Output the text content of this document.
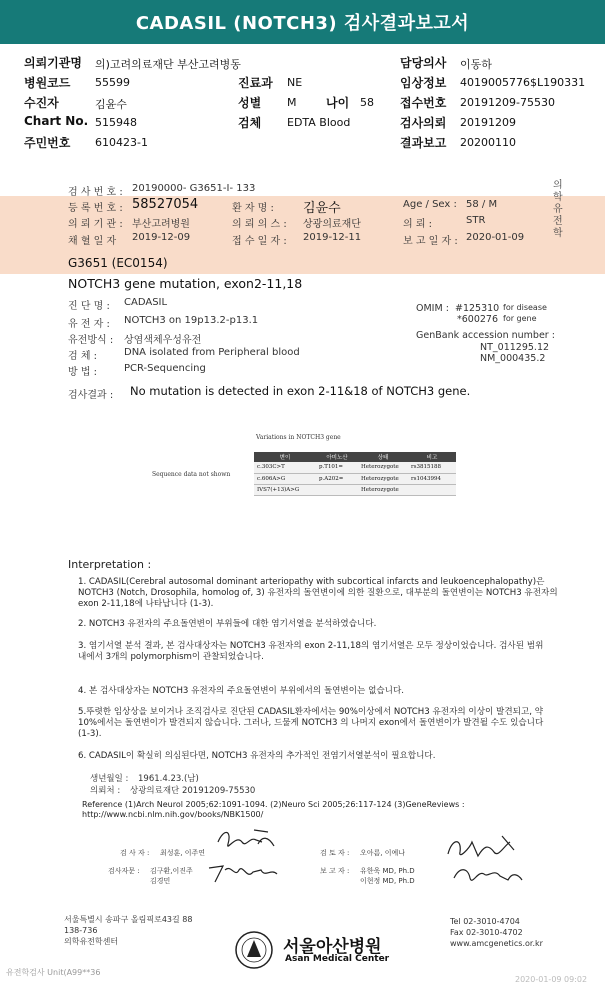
CADASIL (NOTCH3) 검사결과보고서
의뢰기관명 의)고려의료재단 부산고려병동
병원코드 55599
수진자	김윤수
Chart No. 515948
주민번호 610423-1
진료과 NE
성별 M 나이 58
검체 EDTA Blood
담당의사 이동하
임상정보 4019005776$L190331
접수번호 20191209-75530
검사의뢰 20191209
결과보고 20200110
검 사 번 호 : 20190000- G3651-I- 133
등 록 번 호 : 58527054
의 뢰 기 관 : 부산고려병원
채 혈 일 자 2019-12-09
환 자 명 : 김윤수
의 뢰 의 스 : 상광의료재단
접 수 일 자 : 2019-12-11
Age / Sex : 58 / M
의 뢰 :	STR
보 고 일 자 : 2020-01-09
의학유전학
G3651 (EC0154)
NOTCH3 gene mutation, exon2-11,18
진 단 명 : CADASIL
유 전 자 : NOTCH3 on 19p13.2-p13.1
유전방식 : 상염색체우성유전
검 체 :	DNA isolated from Peripheral blood
방 법 :	PCR-Sequencing
OMIM : #125310 for disease
*600276 for gene
GenBank accession number :
NT_011295.12
NM_000435.2
검사결과 : No mutation is detected in exon 2-11&18 of NOTCH3 gene.
Variations in NOTCH3 gene
Sequence data not shown
변이	아미노산	상태	비고
c.303C>T	p.T101=	Heterozygote	rs3815188
c.606A>G	p.A202=	Heterozygote	rs1043994
IVS7(+13)A>G		Heterozygote	
Interpretation :
1. CADASIL(Cerebral autosomal dominant arteriopathy with subcortical infarcts and leukoencephalopathy)은 NOTCH3 (Notch, Drosophila, homolog of, 3) 유전자의 돌연변이에 의한 질환으로, 대부분의 돌연변이는 NOTCH3 유전자의 exon 2-11,18에 나타납니다 (1-3).
2. NOTCH3 유전자의 주요돌연변이 부위들에 대한 염기서열을 분석하였습니다.
3. 염기서열 분석 결과, 본 검사대상자는 NOTCH3 유전자의 exon 2-11,18의 염기서열은 모두 정상이었습니다. 검사된 범위내에서 3개의 polymorphism이 관찰되었습니다.
4. 본 검사대상자는 NOTCH3 유전자의 주요돌연변이 부위에서의 돌연변이는 없습니다.
5.뚜렷한 임상상을 보이거나 조직검사로 진단된 CADASIL환자에서는 90%이상에서 NOTCH3 유전자의 이상이 발견되고, 약 10%에서는 돌연변이가 발견되지 않습니다. 그러나, 드물게 NOTCH3 의 나머지 exon에서 돌연변이가 발견될 수도 있습니다 (1-3).
6. CADASIL이 확실히 의심된다면, NOTCH3 유전자의 추가적인 전염기서열분석이 필요합니다.
생년월일 : 1961.4.23.(남)
의뢰처 : 상광의료재단 20191209-75530
Reference (1)Arch Neurol 2005;62:1091-1094. (2)Neuro Sci 2005;26:117-124 (3)GeneReviews : http://www.ncbi.nlm.nih.gov/books/NBK1500/
검 사 자 : 최성훈, 이주연
검사자문 : 김구환,이진주
김경민
검 토 자 : 오아름, 이예나
보 고 자 : 유한욱 MD, Ph.D
이현정 MD, Ph.D
서울특별시 송파구 올림픽로43길 88
138-736
의학유전학센터
Tel 02-3010-4704
Fax 02-3010-4702
www.amcgenetics.or.kr
서울아산병원
Asan Medical Center
유전학검사 Unit(A99**36
2020-01-09 09:02
